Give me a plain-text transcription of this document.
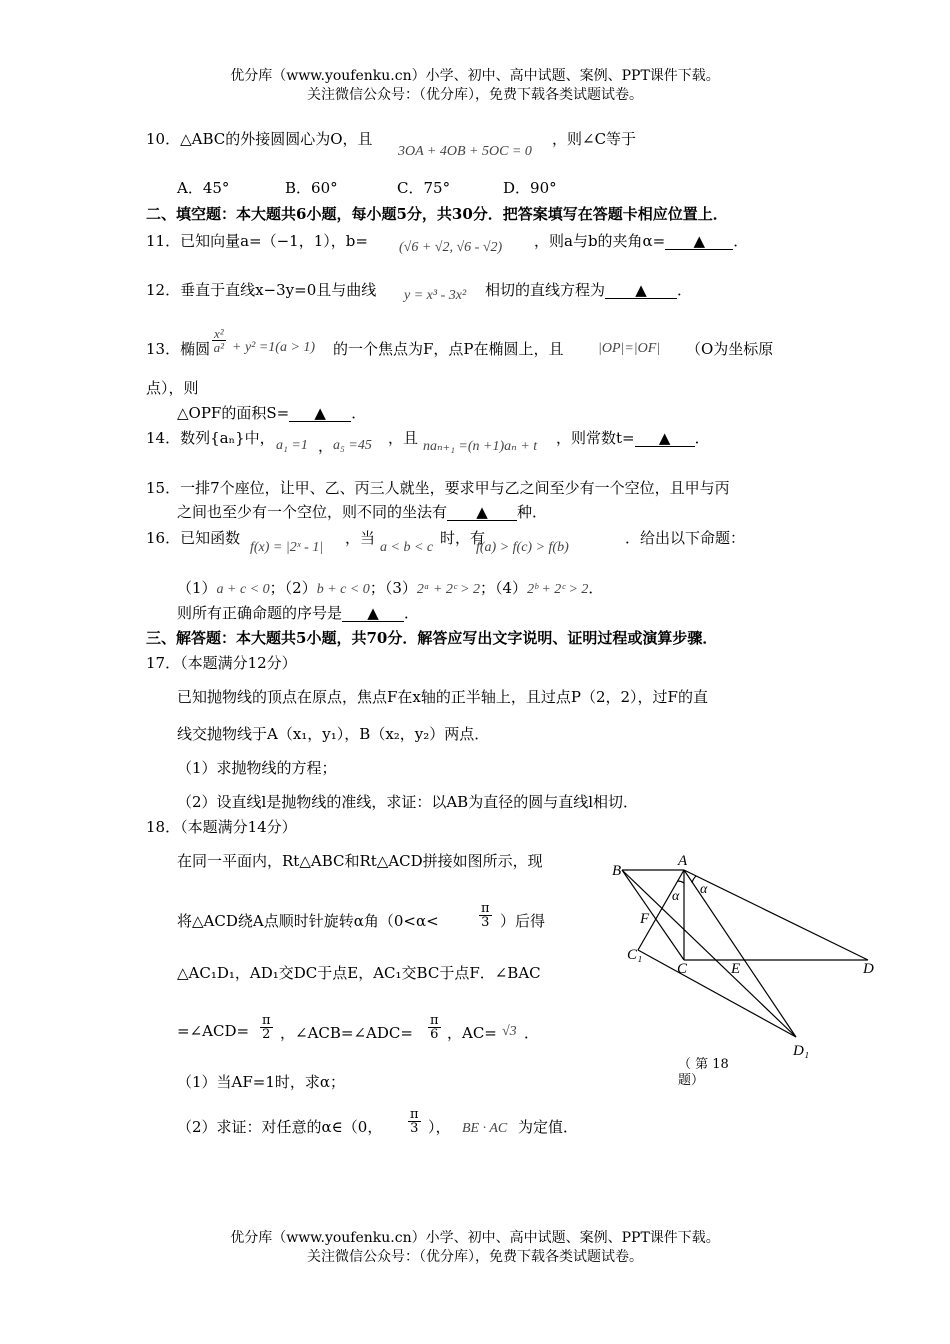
优分库（www.youfenku.cn）小学、初中、高中试题、案例、PPT课件下载。
关注微信公众号：（优分库），免费下载各类试题试卷。
10．△ABC的外接圆圆心为O，且
3OA + 4OB + 5OC = 0
，则∠C等于
A．45°	B．60°	C．75°	D．90°
二、填空题：本大题共6小题，每小题5分，共30分．把答案填写在答题卡相应位置上．
11．已知向量a=（−1，1），b= (√6 + √2, √6 - √2) ，则a与b的夹角α= ▲ ．
12．垂直于直线x−3y=0且与曲线 y = x³ - 3x² 相切的直线方程为 ▲ ．
13．椭圆 $\frac{\text{x²}}{\text{a²}} + y^2 =1(a > 1)$ 的一个焦点为F，点P在椭圆上，且 |OP|=|OF| （O为坐标原
点），则
△OPF的面积S= ▲ ．
14．数列{aₙ}中， a₁ =1 ， a₅ =45 ，且 naₙ₊₁ =(n +1)aₙ + t ，则常数t= ▲ ．
15．一排7个座位，让甲、乙、丙三人就坐，要求甲与乙之间至少有一个空位，且甲与丙
之间也至少有一个空位，则不同的坐法有 ▲ 种．
16．已知函数
f(x) = |2ˣ - 1|
，当
a < b < c
时，有
f(a) > f(c) > f(b)
．给出以下命题：
（1）a + c < 0；（2）b + c < 0；（3）2ᵃ + 2ᶜ > 2；（4）2ᵇ + 2ᶜ > 2．
则所有正确命题的序号是 ▲ ．
三、解答题：本大题共5小题，共70分．解答应写出文字说明、证明过程或演算步骤．
17．（本题满分12分）
已知抛物线的顶点在原点，焦点F在x轴的正半轴上，且过点P（2，2），过F的直
线交抛物线于A（x₁，y₁），B（x₂，y₂）两点．
（1）求抛物线的方程；
（2）设直线l是抛物线的准线，求证：以AB为直径的圆与直线l相切．
18．（本题满分14分）
在同一平面内，Rt△ABC和Rt△ACD拼接如图所示，现
将△ACD绕A点顺时针旋转α角（0<α<	$\frac{\pi}{3}$ ）后得
△AC₁D₁，AD₁交DC于点E，AC₁交BC于点F．∠BAC
=∠ACD= $\frac{\pi}{2}$ ，∠ACB=∠ADC= $\frac{\pi}{6}$ ，AC= √3 ．
（1）当AF=1时，求α；
（2）求证：对任意的α∈（0， $\frac{\pi}{3}$ ）， BE · AC 为定值．
B
A
α α
F
C₁
C	E	D
D₁
（ 第 18
题）
优分库（www.youfenku.cn）小学、初中、高中试题、案例、PPT课件下载。
关注微信公众号：（优分库），免费下载各类试题试卷。
